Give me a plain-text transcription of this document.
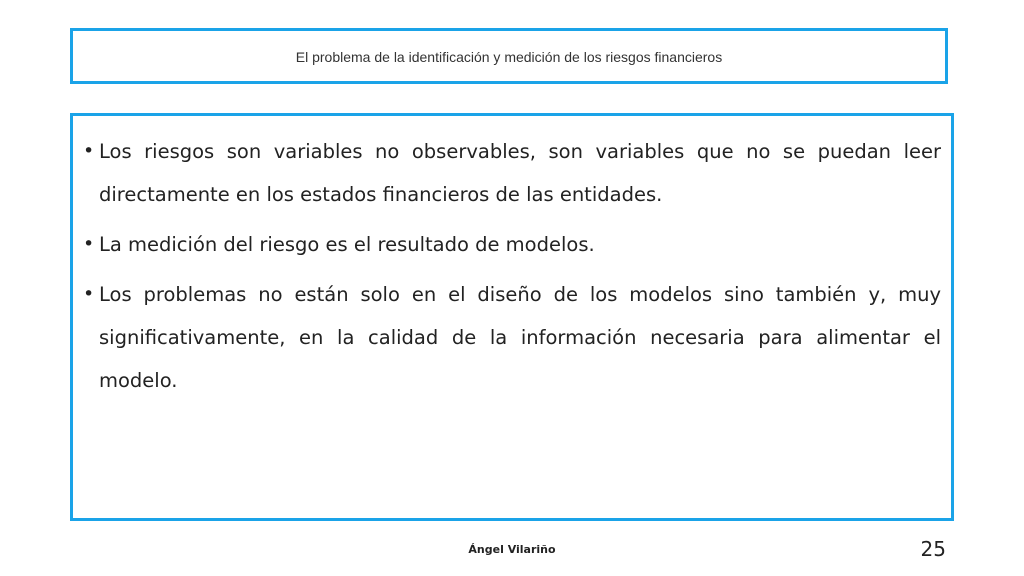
El problema de la identificación y medición de los riesgos financieros
• Los riesgos son variables no observables, son variables que no se puedan leer directamente en los estados financieros de las entidades.
• La medición del riesgo es el resultado de modelos.
• Los problemas no están solo en el diseño de los modelos sino también y, muy significativamente, en la calidad de la información necesaria para alimentar el modelo.
Ángel Vilariño	25
